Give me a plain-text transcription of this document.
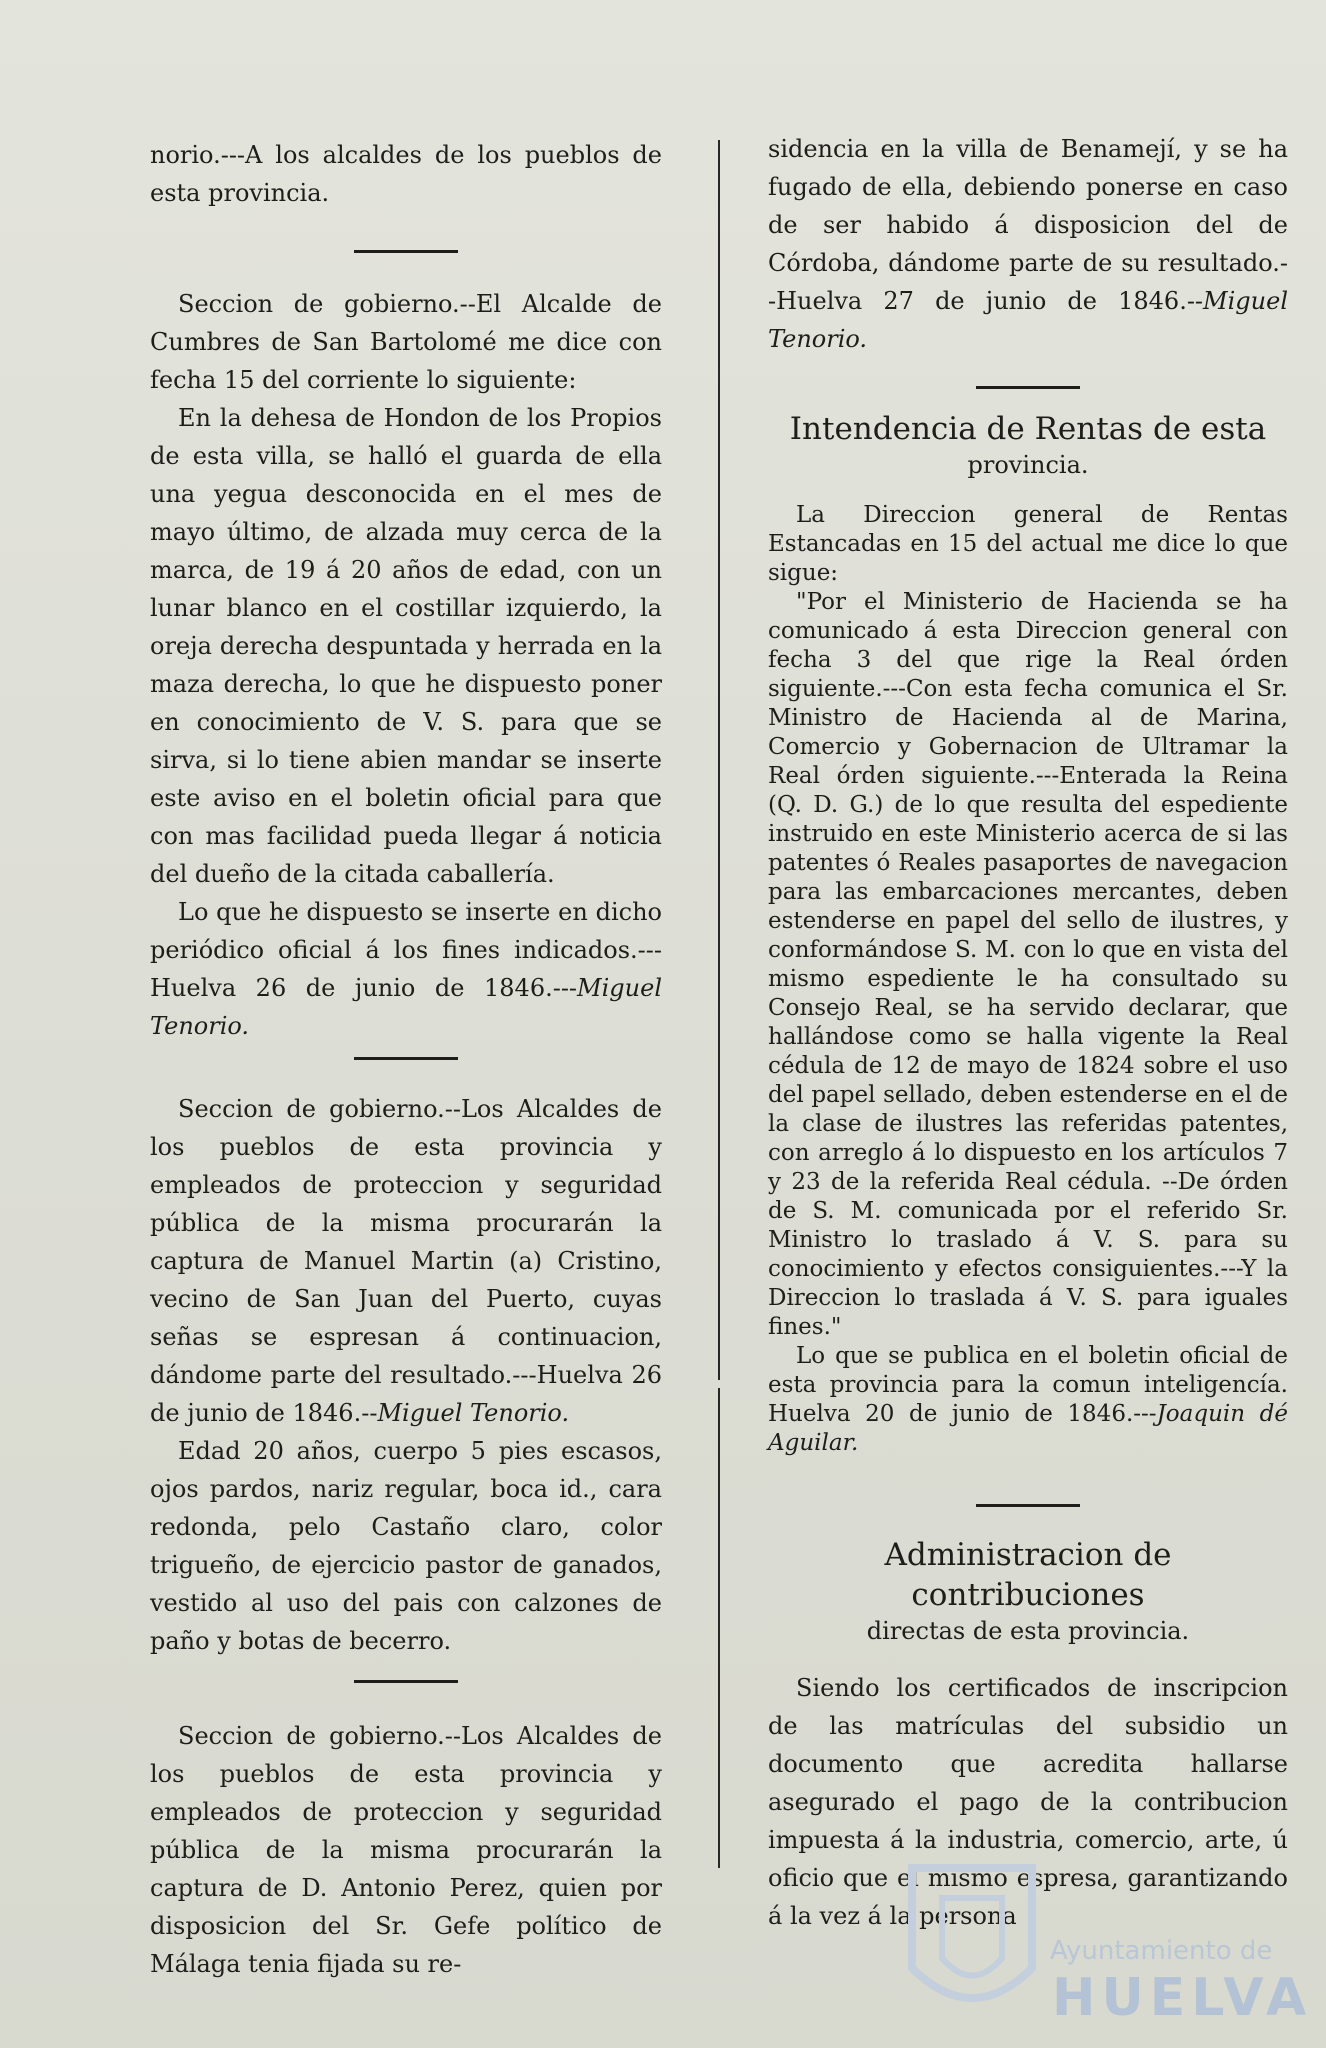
norio.---A los alcaldes de los pueblos de esta provincia.

Seccion de gobierno.--El Alcalde de Cumbres de San Bartolomé me dice con fecha 15 del corriente lo siguiente:

En la dehesa de Hondon de los Propios de esta villa, se halló el guarda de ella una yegua desconocida en el mes de mayo último, de alzada muy cerca de la marca, de 19 á 20 años de edad, con un lunar blanco en el costillar izquierdo, la oreja derecha despuntada y herrada en la maza derecha, lo que he dispuesto poner en conocimiento de V. S. para que se sirva, si lo tiene abien mandar se inserte este aviso en el boletin oficial para que con mas facilidad pueda llegar á noticia del dueño de la citada caballería.

Lo que he dispuesto se inserte en dicho periódico oficial á los fines indicados.---Huelva 26 de junio de 1846.---Miguel Tenorio.

Seccion de gobierno.--Los Alcaldes de los pueblos de esta provincia y empleados de proteccion y seguridad pública de la misma procurarán la captura de Manuel Martin (a) Cristino, vecino de San Juan del Puerto, cuyas señas se espresan á continuacion, dándome parte del resultado.---Huelva 26 de junio de 1846.--Miguel Tenorio.

Edad 20 años, cuerpo 5 pies escasos, ojos pardos, nariz regular, boca id., cara redonda, pelo Castaño claro, color trigueño, de ejercicio pastor de ganados, vestido al uso del pais con calzones de paño y botas de becerro.

Seccion de gobierno.--Los Alcaldes de los pueblos de esta provincia y empleados de proteccion y seguridad pública de la misma procurarán la captura de D. Antonio Perez, quien por disposicion del Sr. Gefe político de Málaga tenia fijada su re-

sidencia en la villa de Benamejí, y se ha fugado de ella, debiendo ponerse en caso de ser habido á disposicion del de Córdoba, dándome parte de su resultado.--Huelva 27 de junio de 1846.--Miguel Tenorio.

Intendencia de Rentas de esta
provincia.

La Direccion general de Rentas Estancadas en 15 del actual me dice lo que sigue:

"Por el Ministerio de Hacienda se ha comunicado á esta Direccion general con fecha 3 del que rige la Real órden siguiente.---Con esta fecha comunica el Sr. Ministro de Hacienda al de Marina, Comercio y Gobernacion de Ultramar la Real órden siguiente.---Enterada la Reina (Q. D. G.) de lo que resulta del espediente instruido en este Ministerio acerca de si las patentes ó Reales pasaportes de navegacion para las embarcaciones mercantes, deben estenderse en papel del sello de ilustres, y conformándose S. M. con lo que en vista del mismo espediente le ha consultado su Consejo Real, se ha servido declarar, que hallándose como se halla vigente la Real cédula de 12 de mayo de 1824 sobre el uso del papel sellado, deben estenderse en el de la clase de ilustres las referidas patentes, con arreglo á lo dispuesto en los artículos 7 y 23 de la referida Real cédula. --De órden de S. M. comunicada por el referido Sr. Ministro lo traslado á V. S. para su conocimiento y efectos consiguientes.---Y la Direccion lo traslada á V. S. para iguales fines."

Lo que se publica en el boletin oficial de esta provincia para la comun inteligencía. Huelva 20 de junio de 1846.---Joaquin dé Aguilar.

Administracion de contribuciones
directas de esta provincia.

Siendo los certificados de inscripcion de las matrículas del subsidio un documento que acredita hallarse asegurado el pago de la contribucion impuesta á la industria, comercio, arte, ú oficio que el mismo espresa, garantizando á la vez á la persona

Ayuntamiento de
HUELVA
